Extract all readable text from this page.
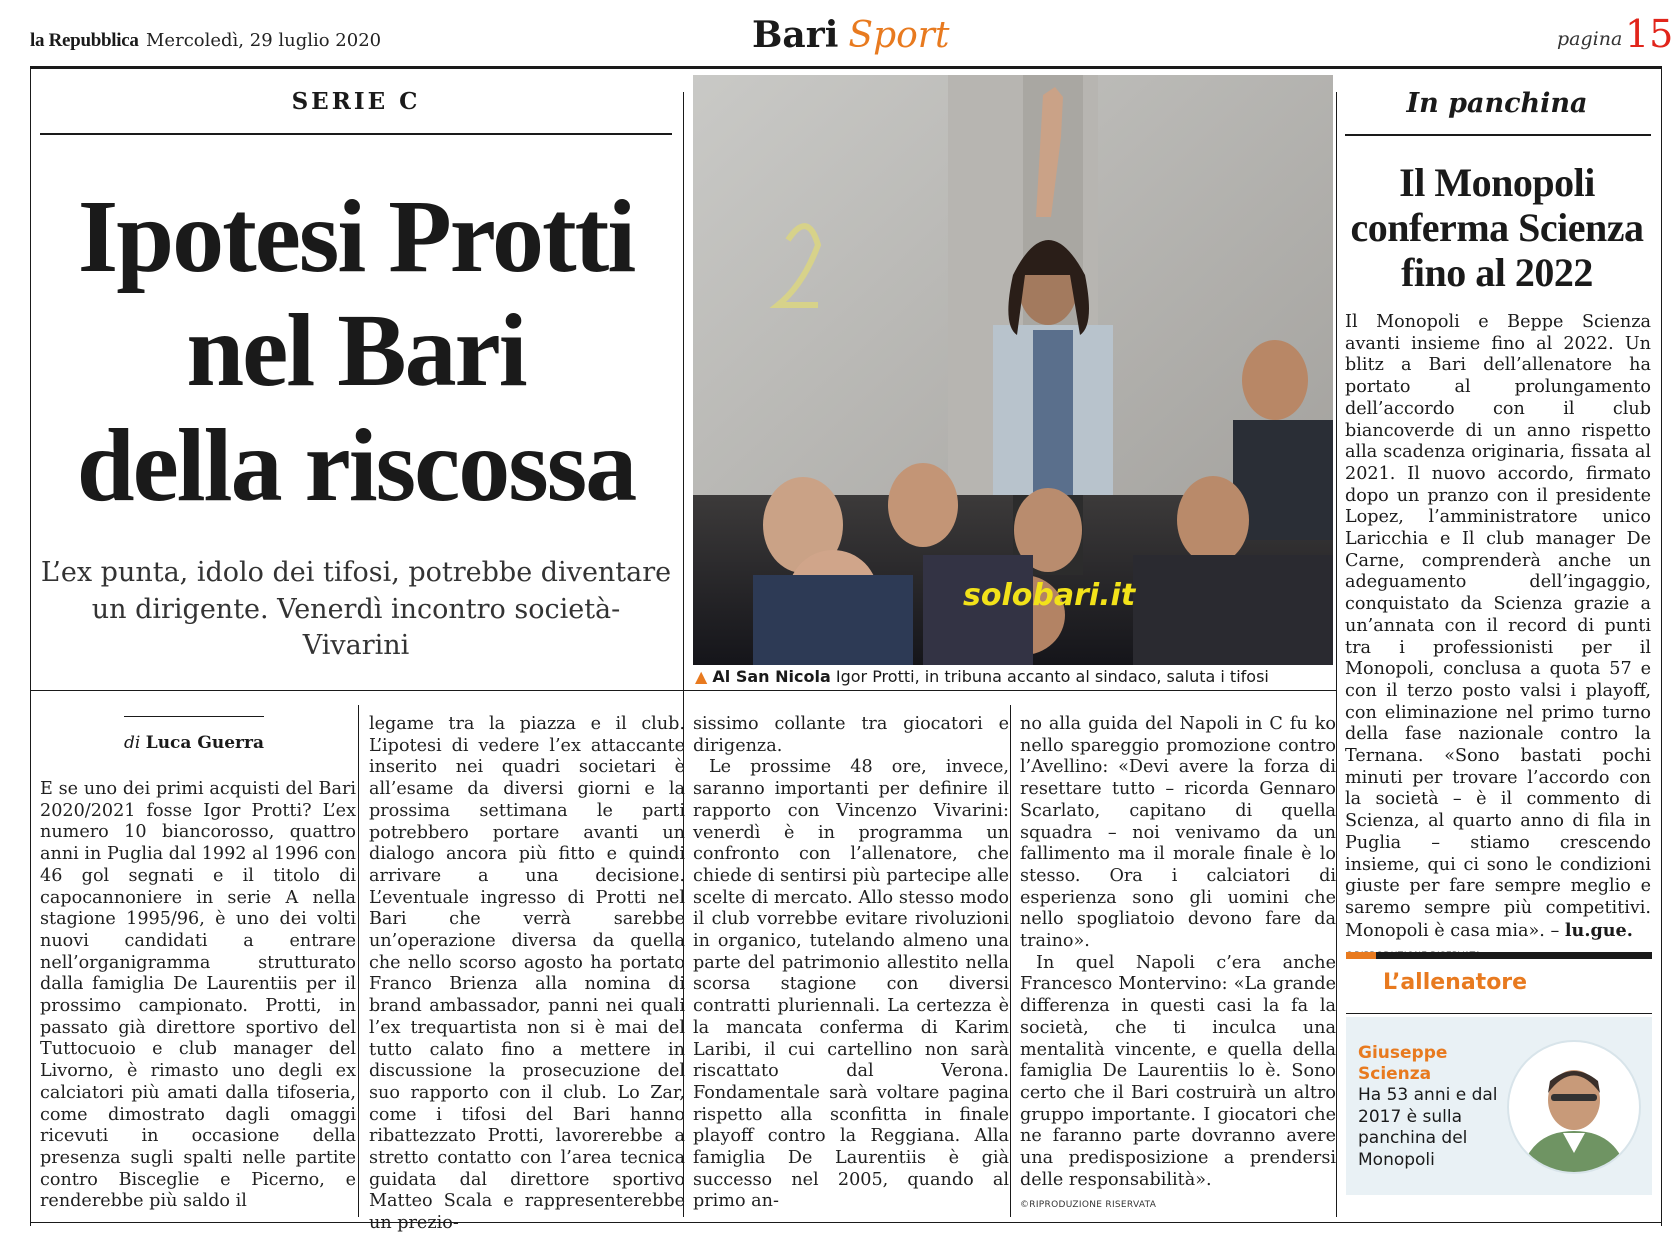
la Repubblica Mercoledì, 29 luglio 2020	Bari Sport	pagina 15
SERIE C
Ipotesi Protti
nel Bari
della riscossa
L’ex punta, idolo dei tifosi, potrebbe diventare
un dirigente. Venerdì incontro società-Vivarini
solobari.it
▲ Al San Nicola Igor Protti, in tribuna accanto al sindaco, saluta i tifosi
di Luca Guerra

E se uno dei primi acquisti del Bari 2020/2021 fosse Igor Protti? L’ex numero 10 biancorosso, quattro anni in Puglia dal 1992 al 1996 con 46 gol segnati e il titolo di capocannoniere in serie A nella stagione 1995/96, è uno dei volti nuovi candidati a entrare nell’organigramma strutturato dalla famiglia De Laurentiis per il prossimo campionato. Protti, in passato già direttore sportivo del Tuttocuoio e club manager del Livorno, è rimasto uno degli ex calciatori più amati dalla tifoseria, come dimostrato dagli omaggi ricevuti in occasione della presenza sugli spalti nelle partite contro Bisceglie e Picerno, e renderebbe più saldo il

legame tra la piazza e il club. L’ipotesi di vedere l’ex attaccante inserito nei quadri societari è all’esame da diversi giorni e la prossima settimana le parti potrebbero portare avanti un dialogo ancora più fitto e quindi arrivare a una decisione. L’eventuale ingresso di Protti nel Bari che verrà sarebbe un’operazione diversa da quella che nello scorso agosto ha portato Franco Brienza alla nomina di brand ambassador, panni nei quali l’ex trequartista non si è mai del tutto calato fino a mettere in discussione la prosecuzione del suo rapporto con il club. Lo Zar, come i tifosi del Bari hanno ribattezzato Protti, lavorerebbe a stretto contatto con l’area tecnica guidata dal direttore sportivo Matteo Scala e rappresenterebbe un prezio-

sissimo collante tra giocatori e dirigenza.

Le prossime 48 ore, invece, saranno importanti per definire il rapporto con Vincenzo Vivarini: venerdì è in programma un confronto con l’allenatore, che chiede di sentirsi più partecipe alle scelte di mercato. Allo stesso modo il club vorrebbe evitare rivoluzioni in organico, tutelando almeno una parte del patrimonio allestito nella scorsa stagione con diversi contratti pluriennali. La certezza è la mancata conferma di Karim Laribi, il cui cartellino non sarà riscattato dal Verona. Fondamentale sarà voltare pagina rispetto alla sconfitta in finale playoff contro la Reggiana. Alla famiglia De Laurentiis è già successo nel 2005, quando al primo an-

no alla guida del Napoli in C fu ko nello spareggio promozione contro l’Avellino: «Devi avere la forza di resettare tutto – ricorda Gennaro Scarlato, capitano di quella squadra – noi venivamo da un fallimento ma il morale finale è lo stesso. Ora i calciatori di esperienza sono gli uomini che nello spogliatoio devono fare da traino».

In quel Napoli c’era anche Francesco Montervino: «La grande differenza in questi casi la fa la società, che ti inculca una mentalità vincente, e quella della famiglia De Laurentiis lo è. Sono certo che il Bari costruirà un altro gruppo importante. I giocatori che ne faranno parte dovranno avere una predisposizione a prendersi delle responsabilità».

©RIPRODUZIONE RISERVATA
In panchina
Il Monopoli
conferma Scienza
fino al 2022

Il Monopoli e Beppe Scienza avanti insieme fino al 2022. Un blitz a Bari dell’allenatore ha portato al prolungamento dell’accordo con il club biancoverde di un anno rispetto alla scadenza originaria, fissata al 2021. Il nuovo accordo, firmato dopo un pranzo con il presidente Lopez, l’amministratore unico Laricchia e Il club manager De Carne, comprenderà anche un adeguamento dell’ingaggio, conquistato da Scienza grazie a un’annata con il record di punti tra i professionisti per il Monopoli, conclusa a quota 57 e con il terzo posto valsi i playoff, con eliminazione nel primo turno della fase nazionale contro la Ternana. «Sono bastati pochi minuti per trovare l’accordo con la società – è il commento di Scienza, al quarto anno di fila in Puglia – stiamo crescendo insieme, qui ci sono le condizioni giuste per fare sempre meglio e saremo sempre più competitivi. Monopoli è casa mia». – lu.gue.

L’allenatore
Giuseppe
Scienza
Ha 53 anni e dal 2017 è sulla panchina del Monopoli
